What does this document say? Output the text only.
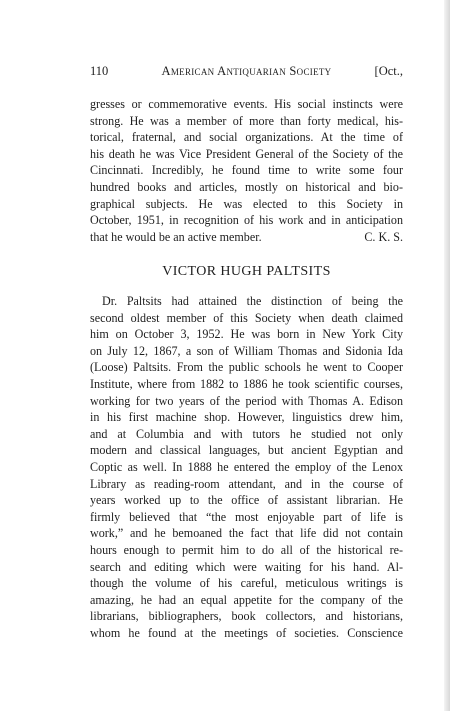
110	American Antiquarian Society	[Oct.,
gresses or commemorative events. His social instincts were
strong. He was a member of more than forty medical, his-
torical, fraternal, and social organizations. At the time of
his death he was Vice President General of the Society of the
Cincinnati. Incredibly, he found time to write some four
hundred books and articles, mostly on historical and bio-
graphical subjects. He was elected to this Society in
October, 1951, in recognition of his work and in anticipation
that he would be an active member.	C. K. S.
VICTOR HUGH PALTSITS
Dr. Paltsits had attained the distinction of being the
second oldest member of this Society when death claimed
him on October 3, 1952. He was born in New York City
on July 12, 1867, a son of William Thomas and Sidonia Ida
(Loose) Paltsits. From the public schools he went to Cooper
Institute, where from 1882 to 1886 he took scientific courses,
working for two years of the period with Thomas A. Edison
in his first machine shop. However, linguistics drew him,
and at Columbia and with tutors he studied not only
modern and classical languages, but ancient Egyptian and
Coptic as well. In 1888 he entered the employ of the Lenox
Library as reading-room attendant, and in the course of
years worked up to the office of assistant librarian. He
firmly believed that “the most enjoyable part of life is
work,” and he bemoaned the fact that life did not contain
hours enough to permit him to do all of the historical re-
search and editing which were waiting for his hand. Al-
though the volume of his careful, meticulous writings is
amazing, he had an equal appetite for the company of the
librarians, bibliographers, book collectors, and historians,
whom he found at the meetings of societies. Conscience
